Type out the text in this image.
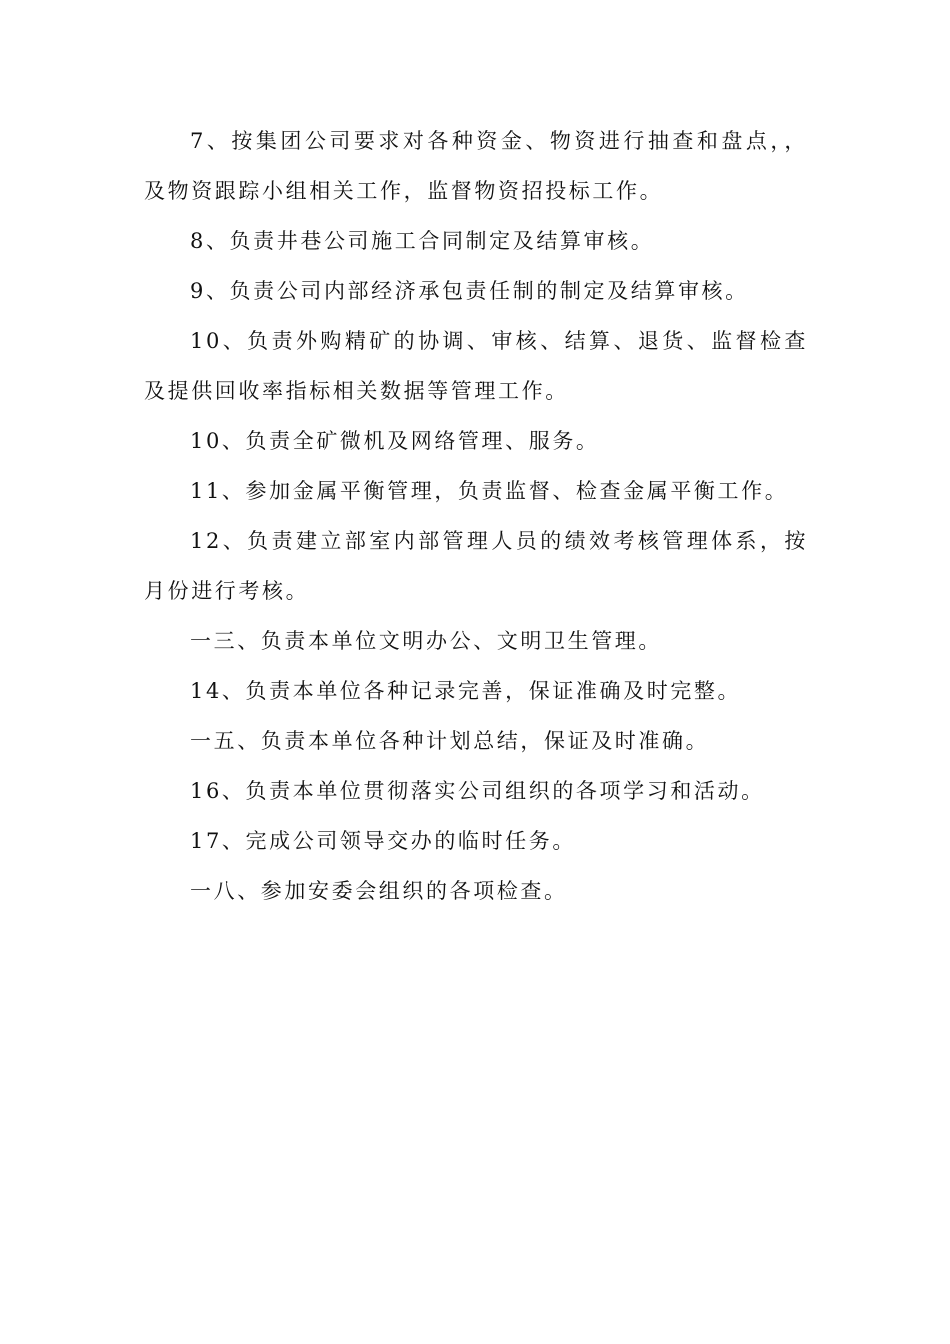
7、按集团公司要求对各种资金、物资进行抽查和盘点，，及物资跟踪小组相关工作，监督物资招投标工作。

8、负责井巷公司施工合同制定及结算审核。

9、负责公司内部经济承包责任制的制定及结算审核。

10、负责外购精矿的协调、审核、结算、退货、监督检查及提供回收率指标相关数据等管理工作。

10、负责全矿微机及网络管理、服务。

11、参加金属平衡管理，负责监督、检查金属平衡工作。

12、负责建立部室内部管理人员的绩效考核管理体系，按月份进行考核。

一三、负责本单位文明办公、文明卫生管理。

14、负责本单位各种记录完善，保证准确及时完整。

一五、负责本单位各种计划总结，保证及时准确。

16、负责本单位贯彻落实公司组织的各项学习和活动。

17、完成公司领导交办的临时任务。

一八、参加安委会组织的各项检查。
